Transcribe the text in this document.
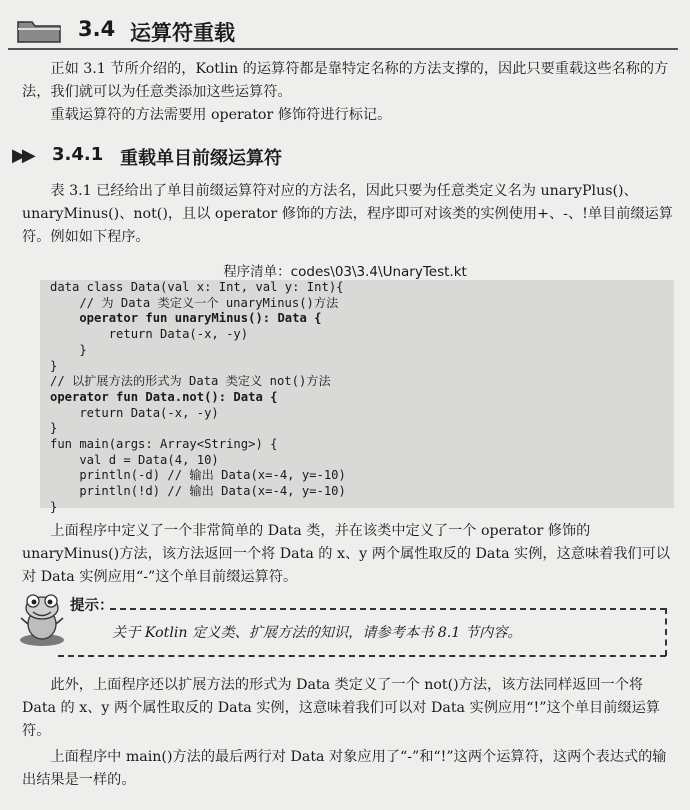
3.4 运算符重载

正如 3.1 节所介绍的，Kotlin 的运算符都是靠特定名称的方法支撑的，因此只要重载这些名称的方法，我们就可以为任意类添加这些运算符。

重载运算符的方法需要用 operator 修饰符进行标记。

▶▶ 3.4.1 重载单目前缀运算符

表 3.1 已经给出了单目前缀运算符对应的方法名，因此只要为任意类定义名为 unaryPlus()、unaryMinus()、not()，且以 operator 修饰的方法，程序即可对该类的实例使用+、-、!单目前缀运算符。例如如下程序。

程序清单：codes\03\3.4\UnaryTest.kt
data class Data(val x: Int, val y: Int){
// 为 Data 类定义一个 unaryMinus()方法
operator fun unaryMinus(): Data {
return Data(-x, -y)
}
}
// 以扩展方法的形式为 Data 类定义 not()方法
operator fun Data.not(): Data {
return Data(-x, -y)
}
fun main(args: Array<String>) {
val d = Data(4, 10)
println(-d) // 输出 Data(x=-4, y=-10)
println(!d) // 输出 Data(x=-4, y=-10)
}

上面程序中定义了一个非常简单的 Data 类，并在该类中定义了一个 operator 修饰的 unaryMinus()方法，该方法返回一个将 Data 的 x、y 两个属性取反的 Data 实例，这意味着我们可以对 Data 实例应用“-”这个单目前缀运算符。

提示：
关于 Kotlin 定义类、扩展方法的知识，请参考本书 8.1 节内容。

此外，上面程序还以扩展方法的形式为 Data 类定义了一个 not()方法，该方法同样返回一个将 Data 的 x、y 两个属性取反的 Data 实例，这意味着我们可以对 Data 实例应用“!”这个单目前缀运算符。

上面程序中 main()方法的最后两行对 Data 对象应用了“-”和“!”这两个运算符，这两个表达式的输出结果是一样的。
